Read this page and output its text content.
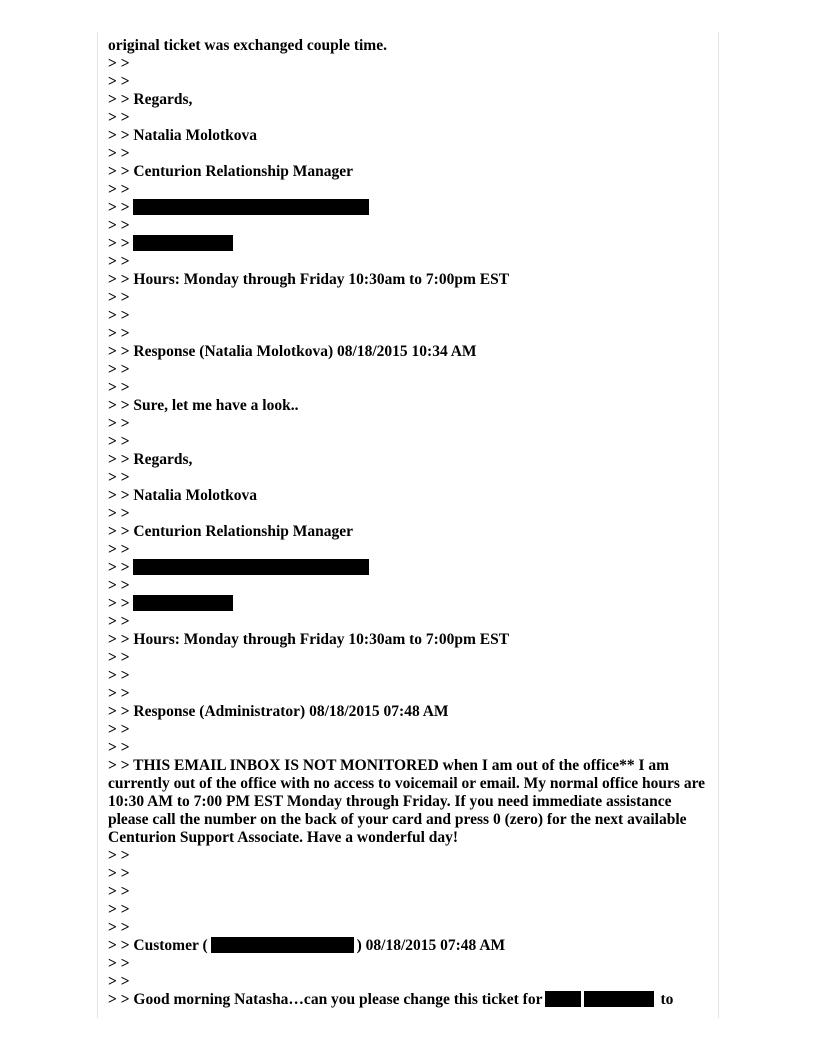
original ticket was exchanged couple time.
> >
> >
> > Regards,
> >
> > Natalia Molotkova
> >
> > Centurion Relationship Manager
> >
> >
> >
> >
> >
> > Hours: Monday through Friday 10:30am to 7:00pm EST
> >
> >
> >
> > Response (Natalia Molotkova) 08/18/2015 10:34 AM
> >
> >
> > Sure, let me have a look..
> >
> >
> > Regards,
> >
> > Natalia Molotkova
> >
> > Centurion Relationship Manager
> >
> >
> >
> >
> >
> > Hours: Monday through Friday 10:30am to 7:00pm EST
> >
> >
> >
> > Response (Administrator) 08/18/2015 07:48 AM
> >
> >
> > THIS EMAIL INBOX IS NOT MONITORED when I am out of the office** I am currently out of the office with no access to voicemail or email. My normal office hours are 10:30 AM to 7:00 PM EST Monday through Friday. If you need immediate assistance please call the number on the back of your card and press 0 (zero) for the next available Centurion Support Associate. Have a wonderful day!
> >
> >
> >
> >
> >
> > Customer (	) 08/18/2015 07:48 AM
> >
> >
> > Good morning Natasha…can you please change this ticket for	to
